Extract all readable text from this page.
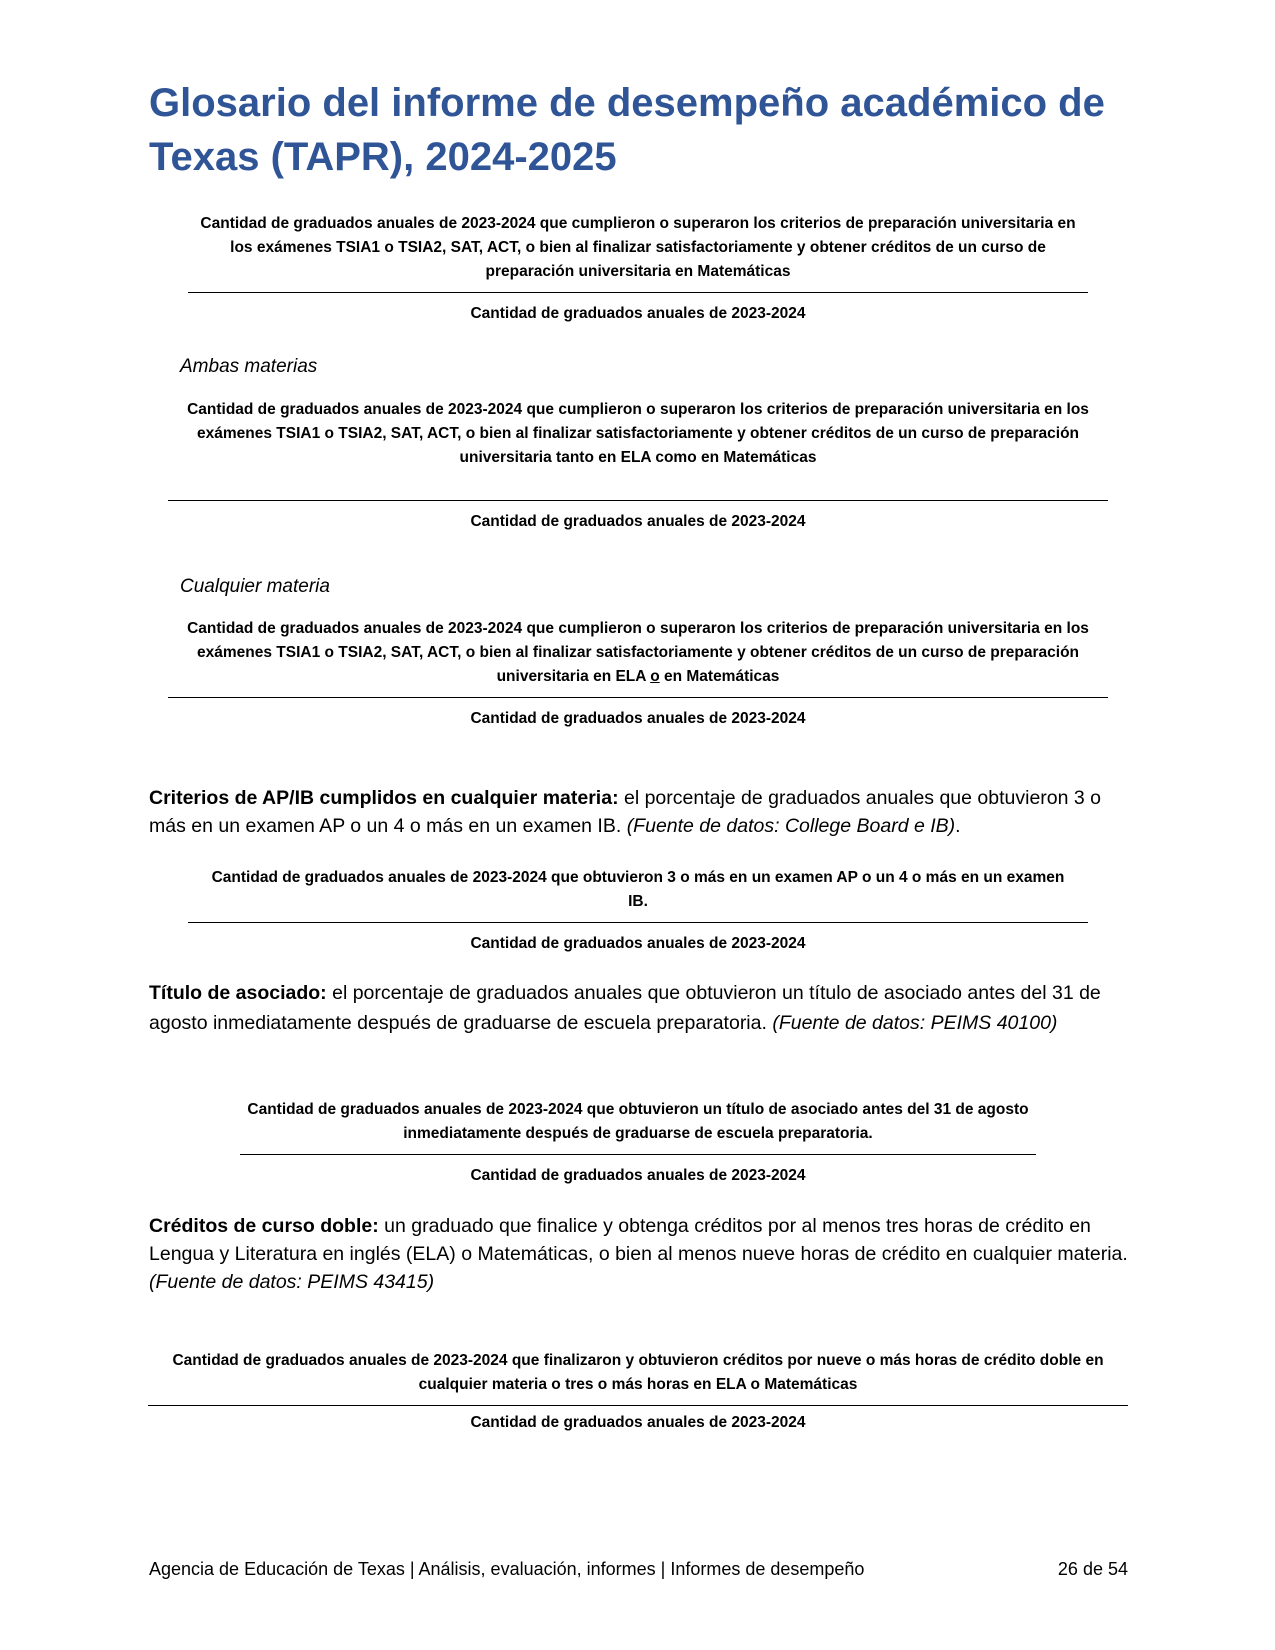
Glosario del informe de desempeño académico de Texas (TAPR), 2024-2025
Cantidad de graduados anuales de 2023-2024 que cumplieron o superaron los criterios de preparación universitaria en los exámenes TSIA1 o TSIA2, SAT, ACT, o bien al finalizar satisfactoriamente y obtener créditos de un curso de preparación universitaria en Matemáticas
Cantidad de graduados anuales de 2023-2024
Ambas materias
Cantidad de graduados anuales de 2023-2024 que cumplieron o superaron los criterios de preparación universitaria en los exámenes TSIA1 o TSIA2, SAT, ACT, o bien al finalizar satisfactoriamente y obtener créditos de un curso de preparación universitaria tanto en ELA como en Matemáticas
Cantidad de graduados anuales de 2023-2024
Cualquier materia
Cantidad de graduados anuales de 2023-2024 que cumplieron o superaron los criterios de preparación universitaria en los exámenes TSIA1 o TSIA2, SAT, ACT, o bien al finalizar satisfactoriamente y obtener créditos de un curso de preparación universitaria en ELA o en Matemáticas
Cantidad de graduados anuales de 2023-2024

Criterios de AP/IB cumplidos en cualquier materia: el porcentaje de graduados anuales que obtuvieron 3 o más en un examen AP o un 4 o más en un examen IB. (Fuente de datos: College Board e IB).

Cantidad de graduados anuales de 2023-2024 que obtuvieron 3 o más en un examen AP o un 4 o más en un examen IB.
Cantidad de graduados anuales de 2023-2024

Título de asociado: el porcentaje de graduados anuales que obtuvieron un título de asociado antes del 31 de agosto inmediatamente después de graduarse de escuela preparatoria. (Fuente de datos: PEIMS 40100)

Cantidad de graduados anuales de 2023-2024 que obtuvieron un título de asociado antes del 31 de agosto inmediatamente después de graduarse de escuela preparatoria.
Cantidad de graduados anuales de 2023-2024

Créditos de curso doble: un graduado que finalice y obtenga créditos por al menos tres horas de crédito en Lengua y Literatura en inglés (ELA) o Matemáticas, o bien al menos nueve horas de crédito en cualquier materia. (Fuente de datos: PEIMS 43415)

Cantidad de graduados anuales de 2023-2024 que finalizaron y obtuvieron créditos por nueve o más horas de crédito doble en cualquier materia o tres o más horas en ELA o Matemáticas
Cantidad de graduados anuales de 2023-2024
Agencia de Educación de Texas | Análisis, evaluación, informes | Informes de desempeño	26 de 54
